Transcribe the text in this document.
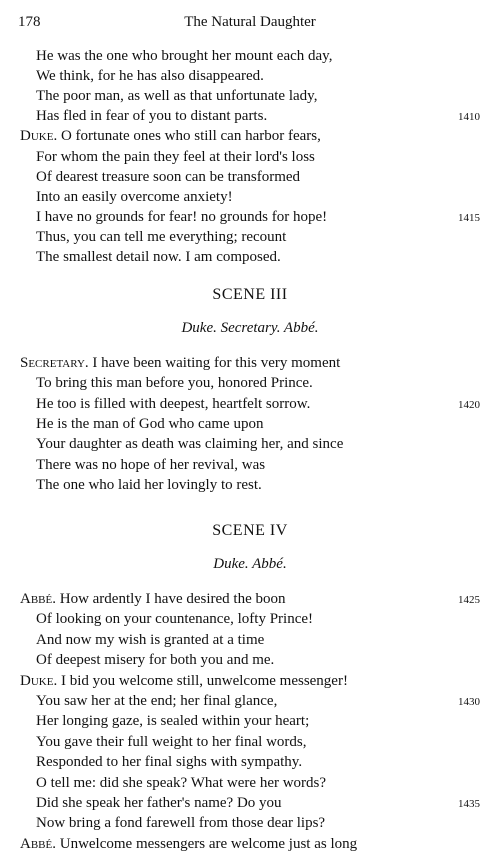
178	The Natural Daughter
He was the one who brought her mount each day,
We think, for he has also disappeared.
The poor man, as well as that unfortunate lady,
Has fled in fear of you to distant parts.	1410
Duke. O fortunate ones who still can harbor fears,
For whom the pain they feel at their lord's loss
Of dearest treasure soon can be transformed
Into an easily overcome anxiety!
I have no grounds for fear! no grounds for hope!	1415
Thus, you can tell me everything; recount
The smallest detail now. I am composed.
SCENE III
Duke. Secretary. Abbé.
Secretary. I have been waiting for this very moment
To bring this man before you, honored Prince.
He too is filled with deepest, heartfelt sorrow.	1420
He is the man of God who came upon
Your daughter as death was claiming her, and since
There was no hope of her revival, was
The one who laid her lovingly to rest.
SCENE IV
Duke. Abbé.
Abbé. How ardently I have desired the boon	1425
Of looking on your countenance, lofty Prince!
And now my wish is granted at a time
Of deepest misery for both you and me.
Duke. I bid you welcome still, unwelcome messenger!
You saw her at the end; her final glance,	1430
Her longing gaze, is sealed within your heart;
You gave their full weight to her final words,
Responded to her final sighs with sympathy.
O tell me: did she speak? What were her words?
Did she speak her father's name? Do you	1435
Now bring a fond farewell from those dear lips?
Abbé. Unwelcome messengers are welcome just as long
